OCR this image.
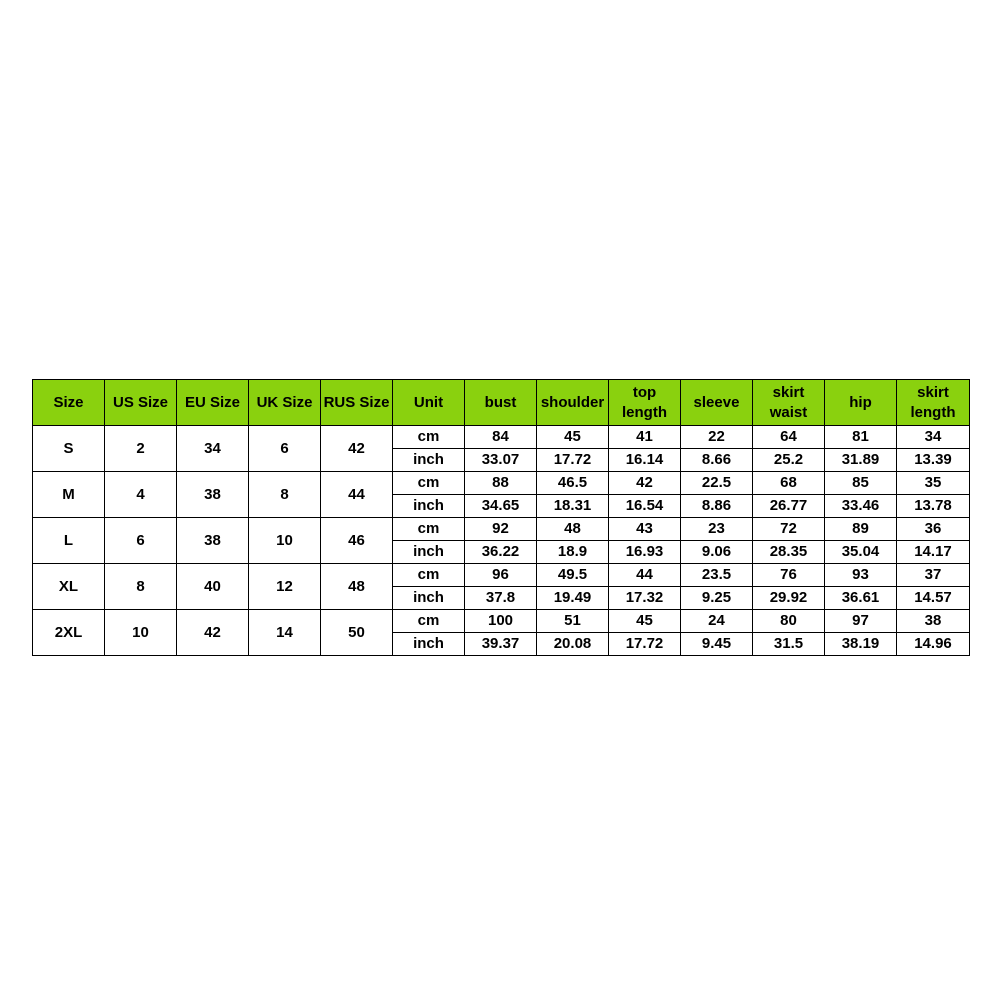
Size	US Size	EU Size	UK Size	RUS Size	Unit	bust	shoulder	top length	sleeve	skirt waist	hip	skirt length
S	2	34	6	42	cm	84	45	41	22	64	81	34
					inch	33.07	17.72	16.14	8.66	25.2	31.89	13.39
M	4	38	8	44	cm	88	46.5	42	22.5	68	85	35
					inch	34.65	18.31	16.54	8.86	26.77	33.46	13.78
L	6	38	10	46	cm	92	48	43	23	72	89	36
					inch	36.22	18.9	16.93	9.06	28.35	35.04	14.17
XL	8	40	12	48	cm	96	49.5	44	23.5	76	93	37
					inch	37.8	19.49	17.32	9.25	29.92	36.61	14.57
2XL	10	42	14	50	cm	100	51	45	24	80	97	38
					inch	39.37	20.08	17.72	9.45	31.5	38.19	14.96
